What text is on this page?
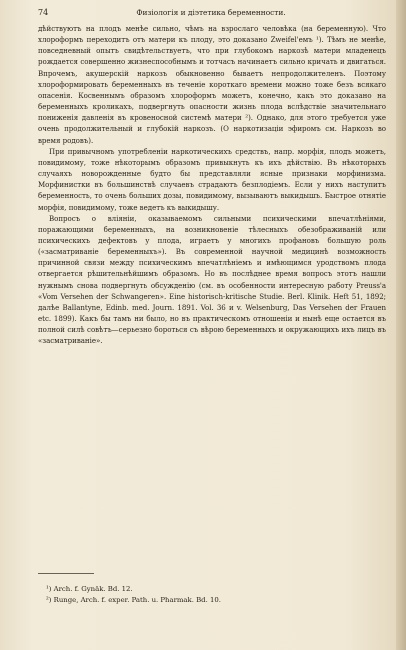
74	Физiологiя и дiэтетика беременности.

дѣйствуютъ на плодъ менѣе сильно, чѣмъ на взрослаго человѣка (на беременную). Что хлороформъ переходитъ отъ матери къ плоду, это доказано Zweifel'емъ ¹). Тѣмъ не менѣе, повседневный опытъ свидѣтельствуетъ, что при глубокомъ наркозѣ матери младенецъ рождается совершенно жизнеспособнымъ и тотчасъ начинаетъ сильно кричать и двигаться. Впрочемъ, акушерскiй наркозъ обыкновенно бываетъ непродолжителенъ. Поэтому хлороформировать беременныхъ въ теченiе короткаго времени можно тоже безъ всякаго опасенiя. Косвеннымъ образомъ хлороформъ можетъ, конечно, какъ это доказано на беременныхъ кроликахъ, подвергнуть опасности жизнь плода вслѣдствiе значительнаго пониженiя давленiя въ кровеносной системѣ матери ²). Однако, для этого требуется уже очень продолжительный и глубокiй наркозъ. (О наркотизацiи эфиромъ см. Наркозъ во время родовъ).

При привычномъ употребленiи наркотическихъ средствъ, напр. морфiя, плодъ можетъ, повидимому, тоже нѣкоторымъ образомъ привыкнуть къ ихъ дѣйствiю. Въ нѣкоторыхъ случаяхъ новорожденные будто бы представляли ясные признаки морфинизма. Морфинистки въ большинствѣ случаевъ страдаютъ безплодiемъ. Если у нихъ наступитъ беременность, то очень больших дозы, повидимому, вызываютъ выкидышъ. Быстрое отнятiе морфiя, повидимому, тоже ведетъ къ выкидышу.

Вопросъ о влiянiи, оказываемомъ сильными психическими впечатлѣнiями, поражающими беременныхъ, на возникновенiе тѣлесныхъ обезображиванiй или психическихъ дефектовъ у плода, играетъ у многихъ профановъ большую роль («засматриванiе беременныхъ»). Въ современной научной медицинѣ возможность причинной связи между психическимъ впечатлѣнiемъ и имѣющимся уродствомъ плода отвергается рѣшительнѣйшимъ образомъ. Но въ послѣднее время вопросъ этотъ нашли нужнымъ снова подвергнуть обсужденiю (см. въ особенности интересную работу Preuss'а «Vom Versehen der Schwangeren». Eine historisch-kritische Studie. Berl. Klinik. Heft 51, 1892; далѣе Ballantyne, Edinb. med. Journ. 1891. Vol. 36 и v. Welsenburg, Das Versehen der Frauen etc. 1899). Какъ бы тамъ ни было, но въ практическомъ отношенiи и нынѣ еще остается въ полной силѣ совѣтъ—серьезно бороться съ вѣрою беременныхъ и окружающихъ ихъ лицъ въ «засматриванiе».

¹) Arch. f. Gynäk. Bd. 12.
²) Runge, Arch. f. exper. Path. u. Pharmak. Bd. 10.
